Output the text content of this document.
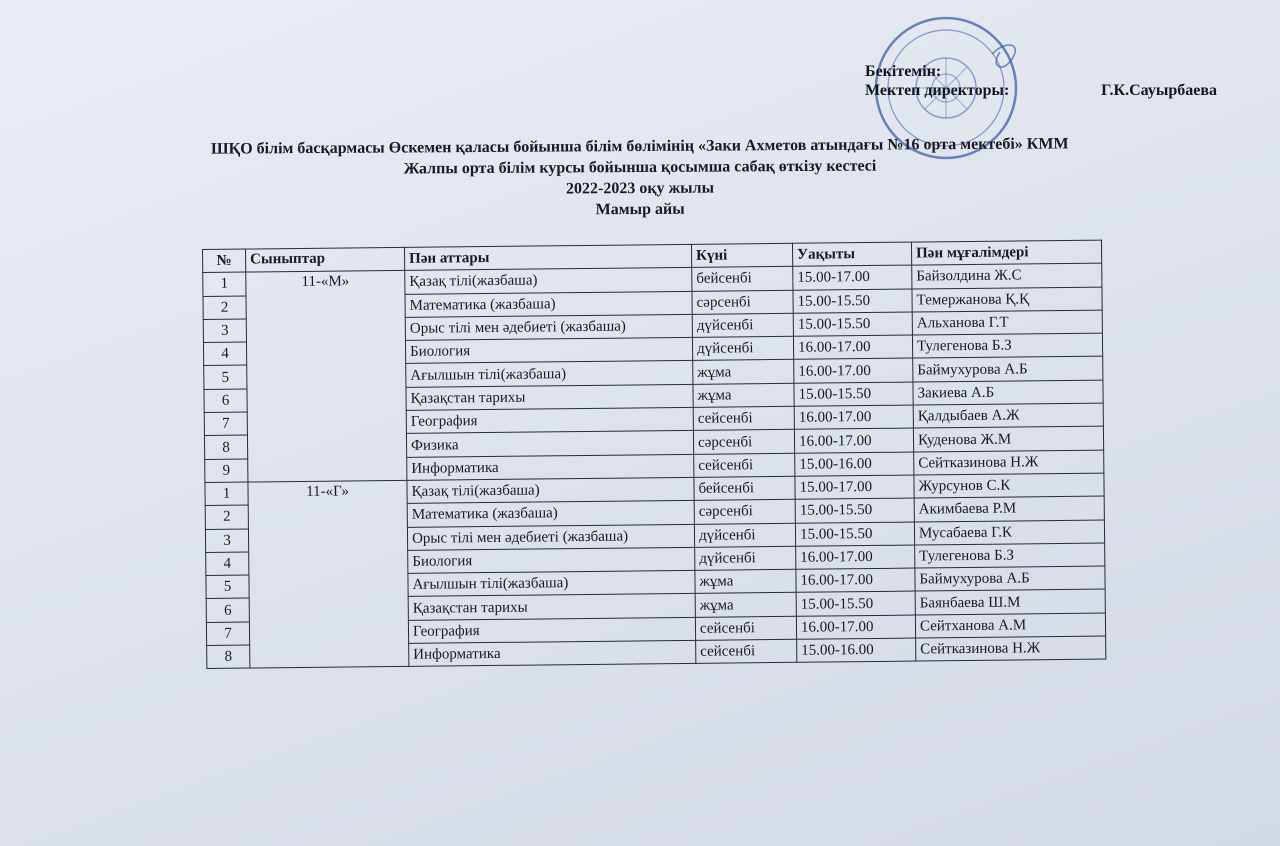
Бекітемін:
Мектеп директоры:	Г.К.Сауырбаева
ШҚО білім басқармасы Өскемен қаласы бойынша білім бөлімінің «Заки Ахметов атындағы №16 орта мектебі» КММ
Жалпы орта білім курсы бойынша қосымша сабақ өткізу кестесі
2022-2023 оқу жылы
Мамыр айы
№	Сыныптар	Пән аттары	Күні	Уақыты	Пән мұғалімдері
1	11-«М»	Қазақ тілі(жазбаша)	бейсенбі	15.00-17.00	Байзолдина Ж.С
2		Математика (жазбаша)	сәрсенбі	15.00-15.50	Темержанова Қ.Қ
3		Орыс тілі мен әдебиеті (жазбаша)	дүйсенбі	15.00-15.50	Альханова Г.Т
4		Биология	дүйсенбі	16.00-17.00	Тулегенова Б.З
5		Ағылшын тілі(жазбаша)	жұма	16.00-17.00	Баймухурова А.Б
6		Қазақстан тарихы	жұма	15.00-15.50	Закиева А.Б
7		География	сейсенбі	16.00-17.00	Қалдыбаев А.Ж
8		Физика	сәрсенбі	16.00-17.00	Куденова Ж.М
9		Информатика	сейсенбі	15.00-16.00	Сейтказинова Н.Ж
1	11-«Г»	Қазақ тілі(жазбаша)	бейсенбі	15.00-17.00	Журсунов С.К
2		Математика (жазбаша)	сәрсенбі	15.00-15.50	Акимбаева Р.М
3		Орыс тілі мен әдебиеті (жазбаша)	дүйсенбі	15.00-15.50	Мусабаева Г.К
4		Биология	дүйсенбі	16.00-17.00	Тулегенова Б.З
5		Ағылшын тілі(жазбаша)	жұма	16.00-17.00	Баймухурова А.Б
6		Қазақстан тарихы	жұма	15.00-15.50	Баянбаева Ш.М
7		География	сейсенбі	16.00-17.00	Сейтханова А.М
8		Информатика	сейсенбі	15.00-16.00	Сейтказинова Н.Ж
